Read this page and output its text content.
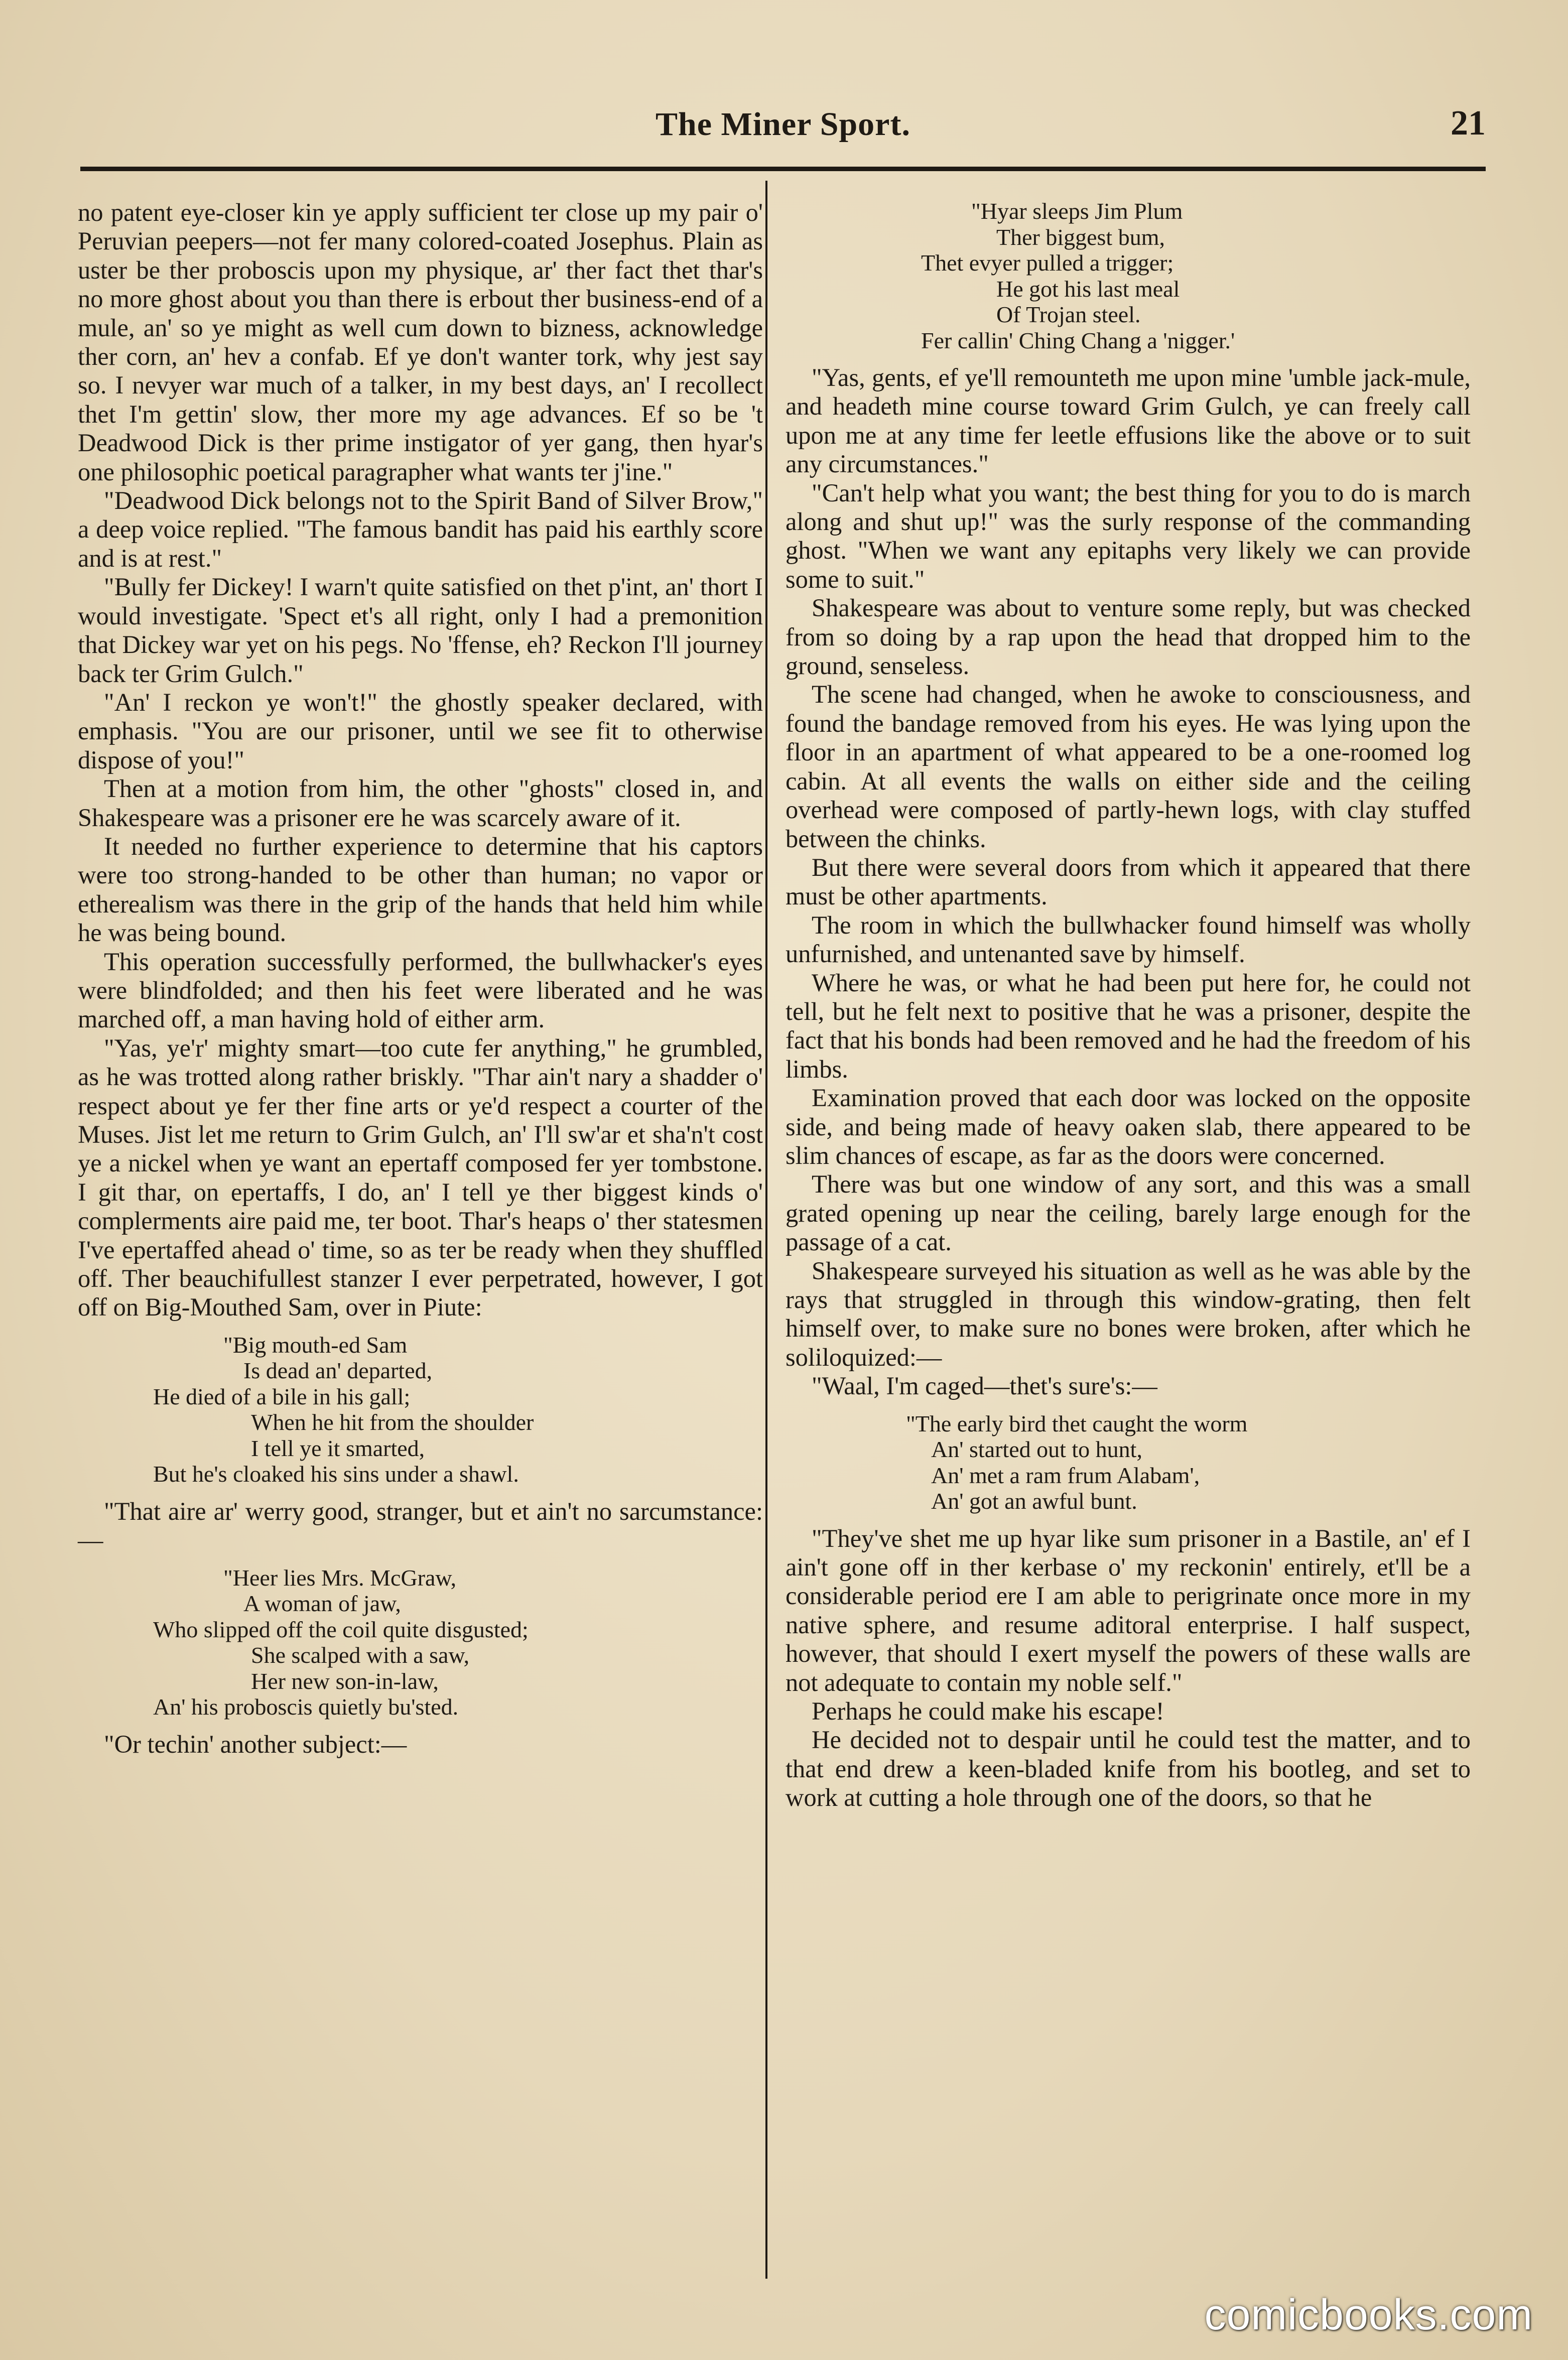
The Miner Sport.	21

no patent eye-closer kin ye apply sufficient ter close up my pair o' Peruvian peepers—not fer many colored-coated Josephus. Plain as uster be ther proboscis upon my physique, ar' ther fact thet thar's no more ghost about you than there is erbout ther business-end of a mule, an' so ye might as well cum down to bizness, acknowledge ther corn, an' hev a confab. Ef ye don't wanter tork, why jest say so. I nevyer war much of a talker, in my best days, an' I recollect thet I'm gettin' slow, ther more my age advances. Ef so be 't Deadwood Dick is ther prime instigator of yer gang, then hyar's one philosophic poetical paragrapher what wants ter j'ine."

"Deadwood Dick belongs not to the Spirit Band of Silver Brow," a deep voice replied. "The famous bandit has paid his earthly score and is at rest."

"Bully fer Dickey! I warn't quite satisfied on thet p'int, an' thort I would investigate. 'Spect et's all right, only I had a premonition that Dickey war yet on his pegs. No 'ffense, eh? Reckon I'll journey back ter Grim Gulch."

"An' I reckon ye won't!" the ghostly speaker declared, with emphasis. "You are our prisoner, until we see fit to otherwise dispose of you!"

Then at a motion from him, the other "ghosts" closed in, and Shakespeare was a prisoner ere he was scarcely aware of it.

It needed no further experience to determine that his captors were too strong-handed to be other than human; no vapor or etherealism was there in the grip of the hands that held him while he was being bound.

This operation successfully performed, the bullwhacker's eyes were blindfolded; and then his feet were liberated and he was marched off, a man having hold of either arm.

"Yas, ye'r' mighty smart—too cute fer anything," he grumbled, as he was trotted along rather briskly. "Thar ain't nary a shadder o' respect about ye fer ther fine arts or ye'd respect a courter of the Muses. Jist let me return to Grim Gulch, an' I'll sw'ar et sha'n't cost ye a nickel when ye want an epertaff composed fer yer tombstone. I git thar, on epertaffs, I do, an' I tell ye ther biggest kinds o' complerments aire paid me, ter boot. Thar's heaps o' ther statesmen I've epertaffed ahead o' time, so as ter be ready when they shuffled off. Ther beauchifullest stanzer I ever perpetrated, however, I got off on Big-Mouthed Sam, over in Piute:

"Big mouth-ed Sam
Is dead an' departed,
He died of a bile in his gall;
When he hit from the shoulder
I tell ye it smarted,
But he's cloaked his sins under a shawl.

"That aire ar' werry good, stranger, but et ain't no sarcumstance:—

"Heer lies Mrs. McGraw,
A woman of jaw,
Who slipped off the coil quite disgusted;
She scalped with a saw,
Her new son-in-law,
An' his proboscis quietly bu'sted.

"Or techin' another subject:—

"Hyar sleeps Jim Plum
Ther biggest bum,
Thet evyer pulled a trigger;
He got his last meal
Of Trojan steel.
Fer callin' Ching Chang a 'nigger.'

"Yas, gents, ef ye'll remounteth me upon mine 'umble jack-mule, and headeth mine course toward Grim Gulch, ye can freely call upon me at any time fer leetle effusions like the above or to suit any circumstances."

"Can't help what you want; the best thing for you to do is march along and shut up!" was the surly response of the commanding ghost. "When we want any epitaphs very likely we can provide some to suit."

Shakespeare was about to venture some reply, but was checked from so doing by a rap upon the head that dropped him to the ground, senseless.

The scene had changed, when he awoke to consciousness, and found the bandage removed from his eyes. He was lying upon the floor in an apartment of what appeared to be a one-roomed log cabin. At all events the walls on either side and the ceiling overhead were composed of partly-hewn logs, with clay stuffed between the chinks.

But there were several doors from which it appeared that there must be other apartments.

The room in which the bullwhacker found himself was wholly unfurnished, and untenanted save by himself.

Where he was, or what he had been put here for, he could not tell, but he felt next to positive that he was a prisoner, despite the fact that his bonds had been removed and he had the freedom of his limbs.

Examination proved that each door was locked on the opposite side, and being made of heavy oaken slab, there appeared to be slim chances of escape, as far as the doors were concerned.

There was but one window of any sort, and this was a small grated opening up near the ceiling, barely large enough for the passage of a cat.

Shakespeare surveyed his situation as well as he was able by the rays that struggled in through this window-grating, then felt himself over, to make sure no bones were broken, after which he soliloquized:—

"Waal, I'm caged—thet's sure's:—

"The early bird thet caught the worm
An' started out to hunt,
An' met a ram frum Alabam',
An' got an awful bunt.

"They've shet me up hyar like sum prisoner in a Bastile, an' ef I ain't gone off in ther kerbase o' my reckonin' entirely, et'll be a considerable period ere I am able to perigrinate once more in my native sphere, and resume aditoral enterprise. I half suspect, however, that should I exert myself the powers of these walls are not adequate to contain my noble self."

Perhaps he could make his escape!

He decided not to despair until he could test the matter, and to that end drew a keen-bladed knife from his bootleg, and set to work at cutting a hole through one of the doors, so that he

comicbooks.com
